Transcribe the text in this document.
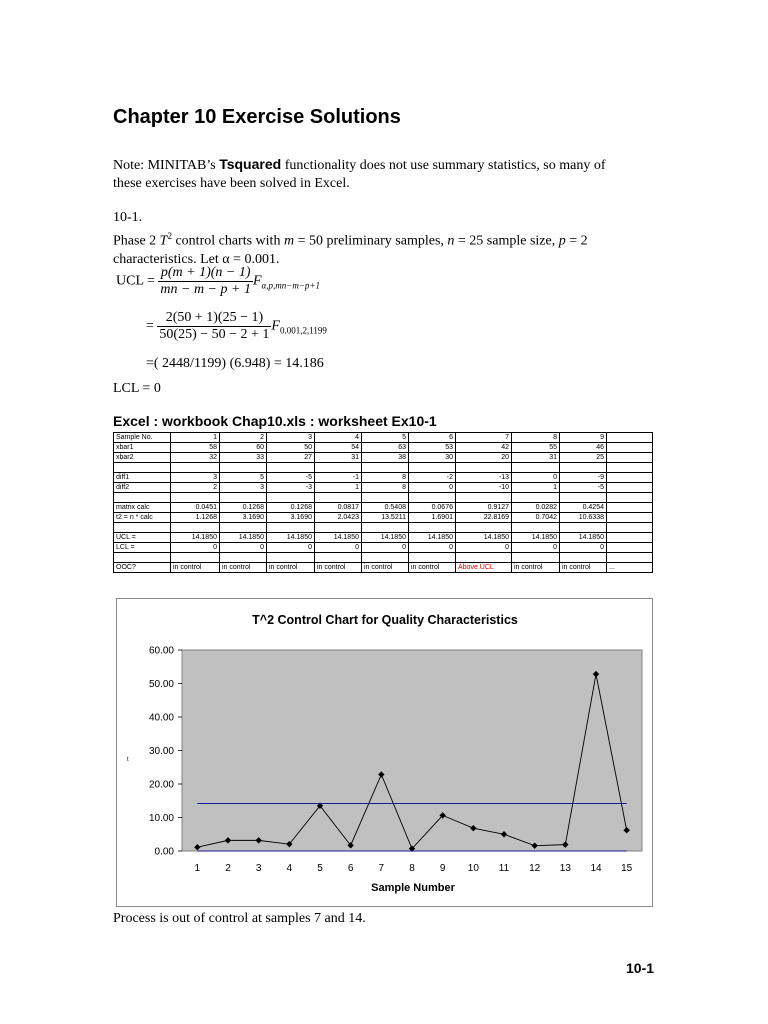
Chapter 10 Exercise Solutions
Note: MINITAB’s Tsquared functionality does not use summary statistics, so many of
these exercises have been solved in Excel.
10-1.
Phase 2 $T^2$ control charts with m = 50 preliminary samples, n = 25 sample size, p = 2
characteristics. Let α = 0.001.
UCL = $\frac{p(m + 1)(n - 1)}{mn - m - p + 1} F_{\alpha,p,mn-m-p+1}$
= $\frac{2(50 + 1)(25 - 1)}{50(25) - 50 - 2 + 1} F_{0.001,2,1199}$
=( 2448/1199) (6.948) = 14.186
LCL = 0
Excel : workbook Chap10.xls : worksheet Ex10-1
Sample No.	1	2	3	4	5	6	7	8	9	
xbar1	58	60	50	54	63	53	42	55	46	
xbar2	32	33	27	31	38	30	20	31	25	

diff1	3	5	-5	-1	8	-2	-13	0	-9	
diff2	2	3	-3	1	8	0	-10	1	-5	

matrix calc	0.0451	0.1268	0.1268	0.0817	0.5408	0.0676	0.9127	0.0282	0.4254	
t2 = n * calc	1.1268	3.1690	3.1690	2.0423	13.5211	1.6901	22.8169	0.7042	10.6338	

UCL =	14.1850	14.1850	14.1850	14.1850	14.1850	14.1850	14.1850	14.1850	14.1850	
LCL =	0	0	0	0	0	0	0	0	0	

OOC?	in control	in control	in control	in control	in control	in control	Above UCL	in control	in control	...
T^2 Control Chart for Quality Characteristics
t
Sample Number
0.00
10.00
20.00
30.00
40.00
50.00
60.00
1	2	3	4	5	6	7	8	9 10 11 12 13 14 15
Process is out of control at samples 7 and 14.
10-1
